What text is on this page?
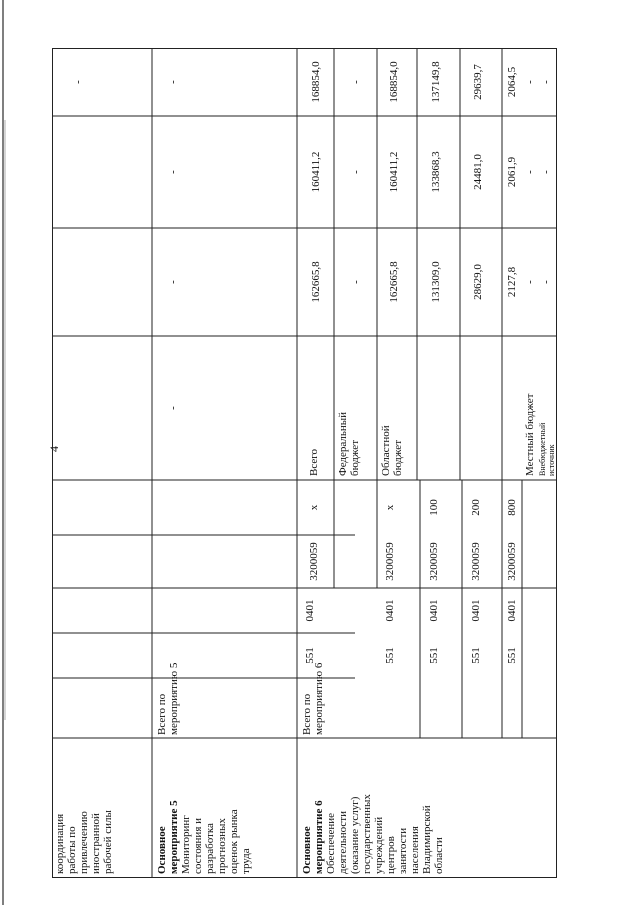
4
координация
работы по
привлечению
иностранной
рабочей силы
-
Основное
мероприятие 5
Мониторинг
состояния и
разработка
прогнозных
оценок рынка
труда
Всего по
мероприятию 5
-
-
-
-
Основное
мероприятие 6
Обеспечение
деятельности
(оказание услуг)
государственных
учреждений
центров
занятости
населения
Владимирской
области
Всего по
мероприятию 6
551
0401
3200059
х
Всего
162665,8
160411,2
168854,0
Федеральный
бюджет
-
-
-
551
0401
3200059
х
Областной
бюджет
162665,8
160411,2
168854,0
551
0401
3200059
100
131309,0
133868,3
137149,8
551
0401
3200059
200
28629,0
24481,0
29639,7
551
0401
3200059
800
2127,8
2061,9
2064,5
Местный бюджет
-
-
-
Внебюджетный
источник
-
-
-
